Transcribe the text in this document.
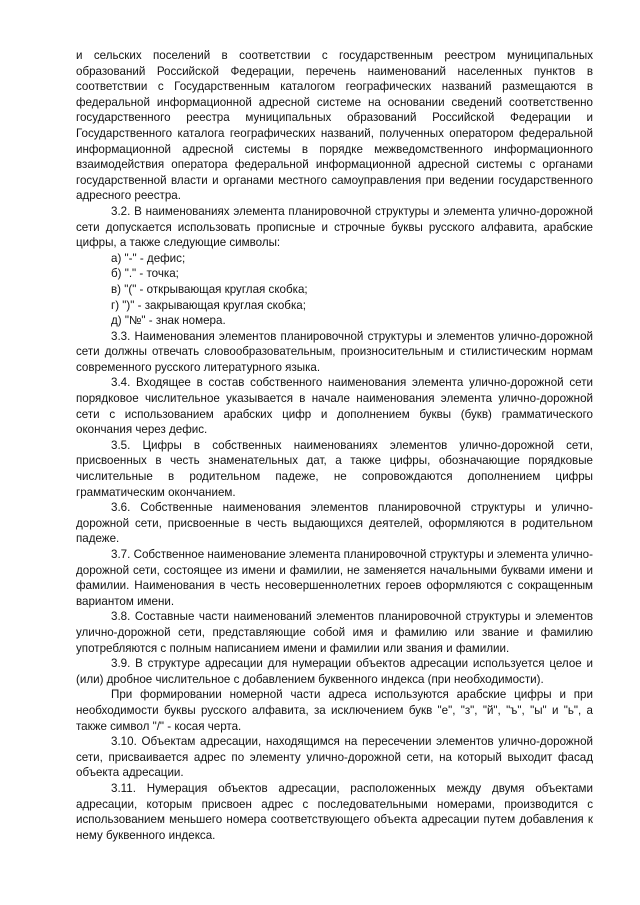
и сельских поселений в соответствии с государственным реестром муниципальных образований Российской Федерации, перечень наименований населенных пунктов в соответствии с Государственным каталогом географических названий размещаются в федеральной информационной адресной системе на основании сведений соответственно государственного реестра муниципальных образований Российской Федерации и Государственного каталога географических названий, полученных оператором федеральной информационной адресной системы в порядке межведомственного информационного взаимодействия оператора федеральной информационной адресной системы с органами государственной власти и органами местного самоуправления при ведении государственного адресного реестра.

3.2. В наименованиях элемента планировочной структуры и элемента улично-дорожной сети допускается использовать прописные и строчные буквы русского алфавита, арабские цифры, а также следующие символы:

а) "-" - дефис;
б) "." - точка;
в) "(" - открывающая круглая скобка;
г) ")" - закрывающая круглая скобка;
д) "№" - знак номера.

3.3. Наименования элементов планировочной структуры и элементов улично-дорожной сети должны отвечать словообразовательным, произносительным и стилистическим нормам современного русского литературного языка.

3.4. Входящее в состав собственного наименования элемента улично-дорожной сети порядковое числительное указывается в начале наименования элемента улично-дорожной сети с использованием арабских цифр и дополнением буквы (букв) грамматического окончания через дефис.

3.5. Цифры в собственных наименованиях элементов улично-дорожной сети, присвоенных в честь знаменательных дат, а также цифры, обозначающие порядковые числительные в родительном падеже, не сопровождаются дополнением цифры грамматическим окончанием.

3.6. Собственные наименования элементов планировочной структуры и улично-дорожной сети, присвоенные в честь выдающихся деятелей, оформляются в родительном падеже.

3.7. Собственное наименование элемента планировочной структуры и элемента улично-дорожной сети, состоящее из имени и фамилии, не заменяется начальными буквами имени и фамилии. Наименования в честь несовершеннолетних героев оформляются с сокращенным вариантом имени.

3.8. Составные части наименований элементов планировочной структуры и элементов улично-дорожной сети, представляющие собой имя и фамилию или звание и фамилию употребляются с полным написанием имени и фамилии или звания и фамилии.

3.9. В структуре адресации для нумерации объектов адресации используется целое и (или) дробное числительное с добавлением буквенного индекса (при необходимости).

При формировании номерной части адреса используются арабские цифры и при необходимости буквы русского алфавита, за исключением букв "е", "з", "й", "ъ", "ы" и "ь", а также символ "/" - косая черта.

3.10. Объектам адресации, находящимся на пересечении элементов улично-дорожной сети, присваивается адрес по элементу улично-дорожной сети, на который выходит фасад объекта адресации.

3.11. Нумерация объектов адресации, расположенных между двумя объектами адресации, которым присвоен адрес с последовательными номерами, производится с использованием меньшего номера соответствующего объекта адресации путем добавления к нему буквенного индекса.
